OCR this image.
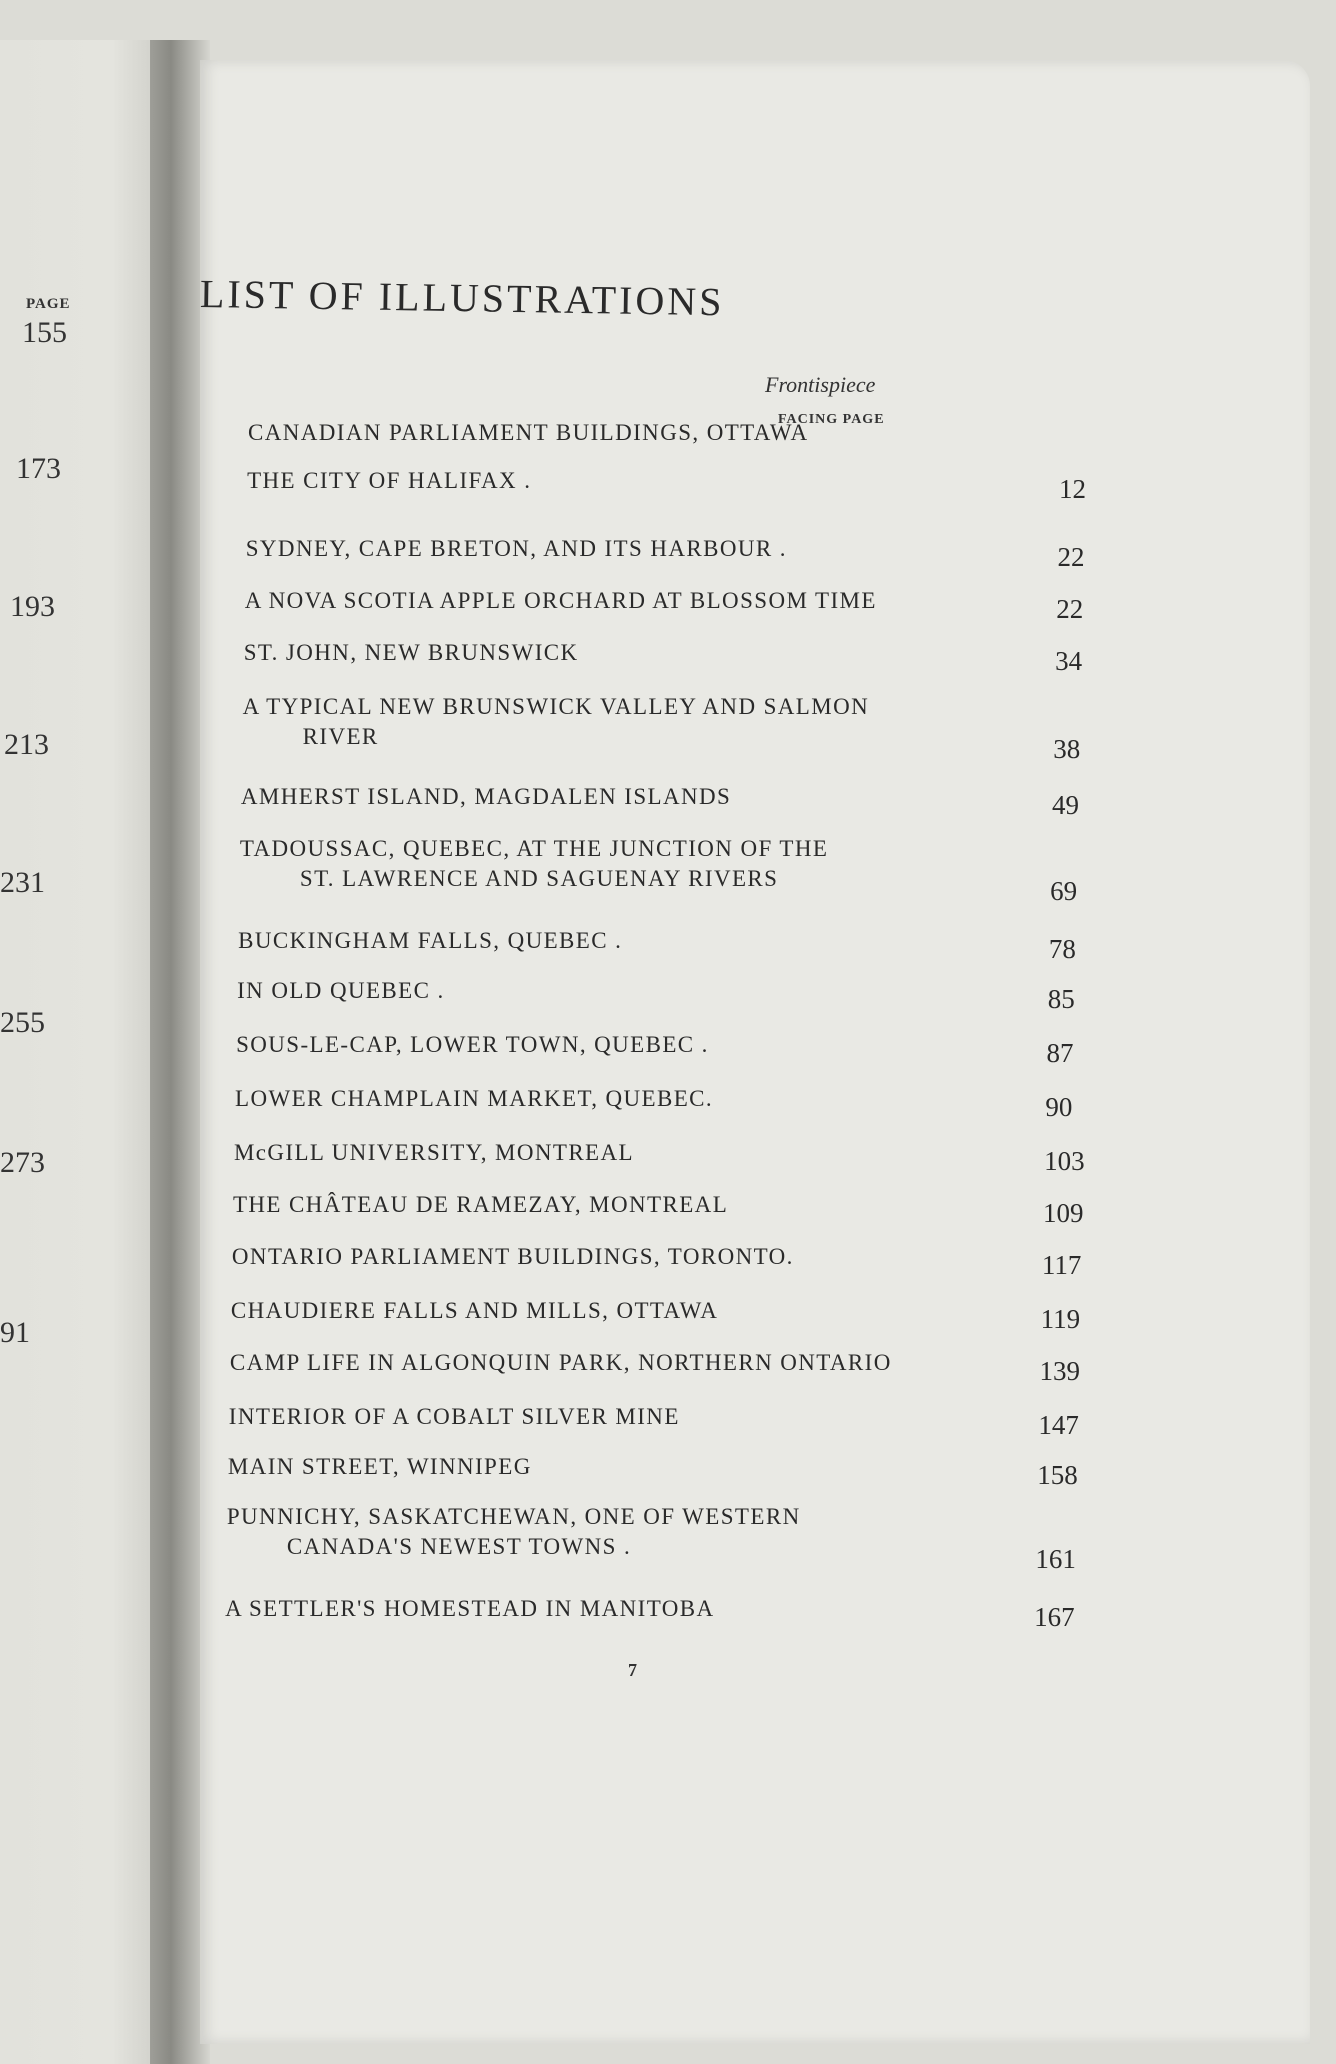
PAGE
155
173
193
213
231
255
273
91
LIST OF ILLUSTRATIONS
Frontispiece
FACING PAGE
CANADIAN PARLIAMENT BUILDINGS, OTTAWA
THE CITY OF HALIFAX .	12
SYDNEY, CAPE BRETON, AND ITS HARBOUR .	22
A NOVA SCOTIA APPLE ORCHARD AT BLOSSOM TIME	22
ST. JOHN, NEW BRUNSWICK	34
A TYPICAL NEW BRUNSWICK VALLEY AND SALMON
RIVER	38
AMHERST ISLAND, MAGDALEN ISLANDS	49
TADOUSSAC, QUEBEC, AT THE JUNCTION OF THE
ST. LAWRENCE AND SAGUENAY RIVERS	69
BUCKINGHAM FALLS, QUEBEC .	78
IN OLD QUEBEC .	85
SOUS-LE-CAP, LOWER TOWN, QUEBEC .	87
LOWER CHAMPLAIN MARKET, QUEBEC.	90
McGILL UNIVERSITY, MONTREAL	103
THE CHÂTEAU DE RAMEZAY, MONTREAL	109
ONTARIO PARLIAMENT BUILDINGS, TORONTO.	117
CHAUDIERE FALLS AND MILLS, OTTAWA	119
CAMP LIFE IN ALGONQUIN PARK, NORTHERN ONTARIO	139
INTERIOR OF A COBALT SILVER MINE	147
MAIN STREET, WINNIPEG	158
PUNNICHY, SASKATCHEWAN, ONE OF WESTERN
CANADA'S NEWEST TOWNS .	161
A SETTLER'S HOMESTEAD IN MANITOBA	167
7
